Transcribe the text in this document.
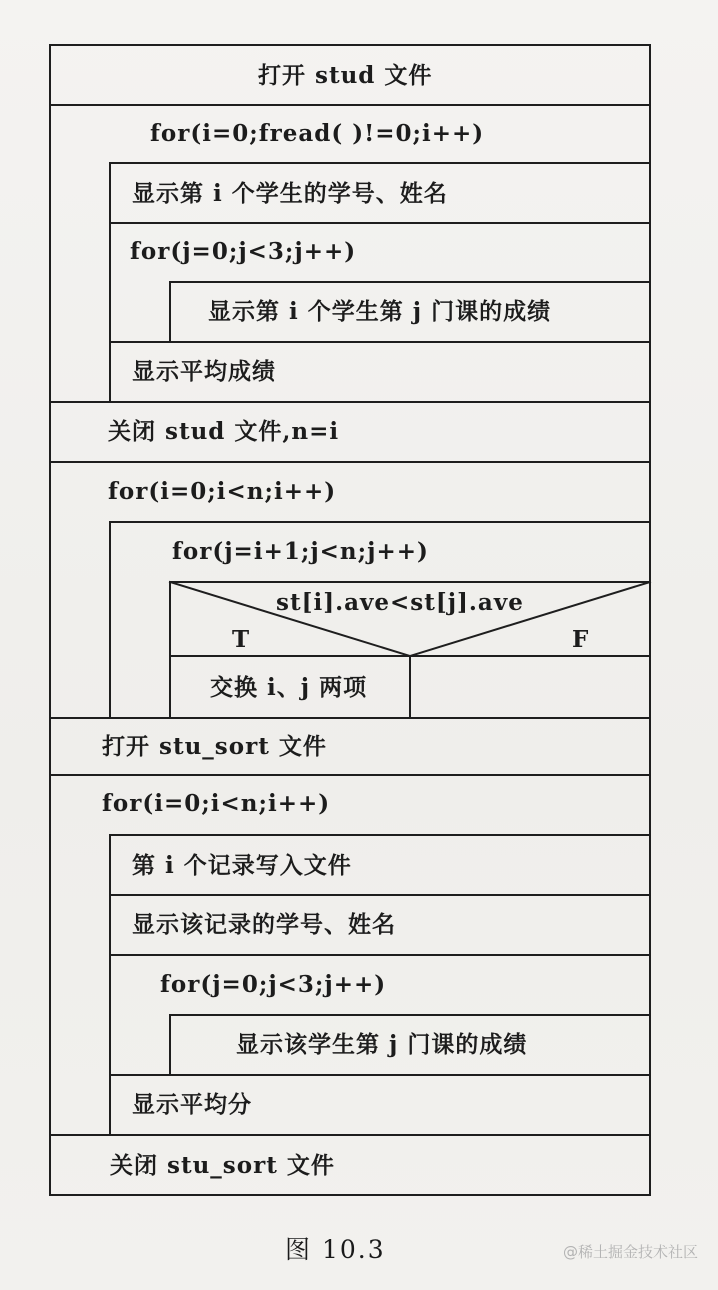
打开 stud 文件
for(i=0;fread( )!=0;i++)
显示第 i 个学生的学号、姓名
for(j=0;j<3;j++)
显示第 i 个学生第 j 门课的成绩
显示平均成绩
关闭 stud 文件,n=i
for(i=0;i<n;i++)
for(j=i+1;j<n;j++)
st[i].ave<st[j].ave
T	F
交换 i、j 两项
打开 stu_sort 文件
for(i=0;i<n;i++)
第 i 个记录写入文件
显示该记录的学号、姓名
for(j=0;j<3;j++)
显示该学生第 j 门课的成绩
显示平均分
关闭 stu_sort 文件
图 10.3	@稀土掘金技术社区
